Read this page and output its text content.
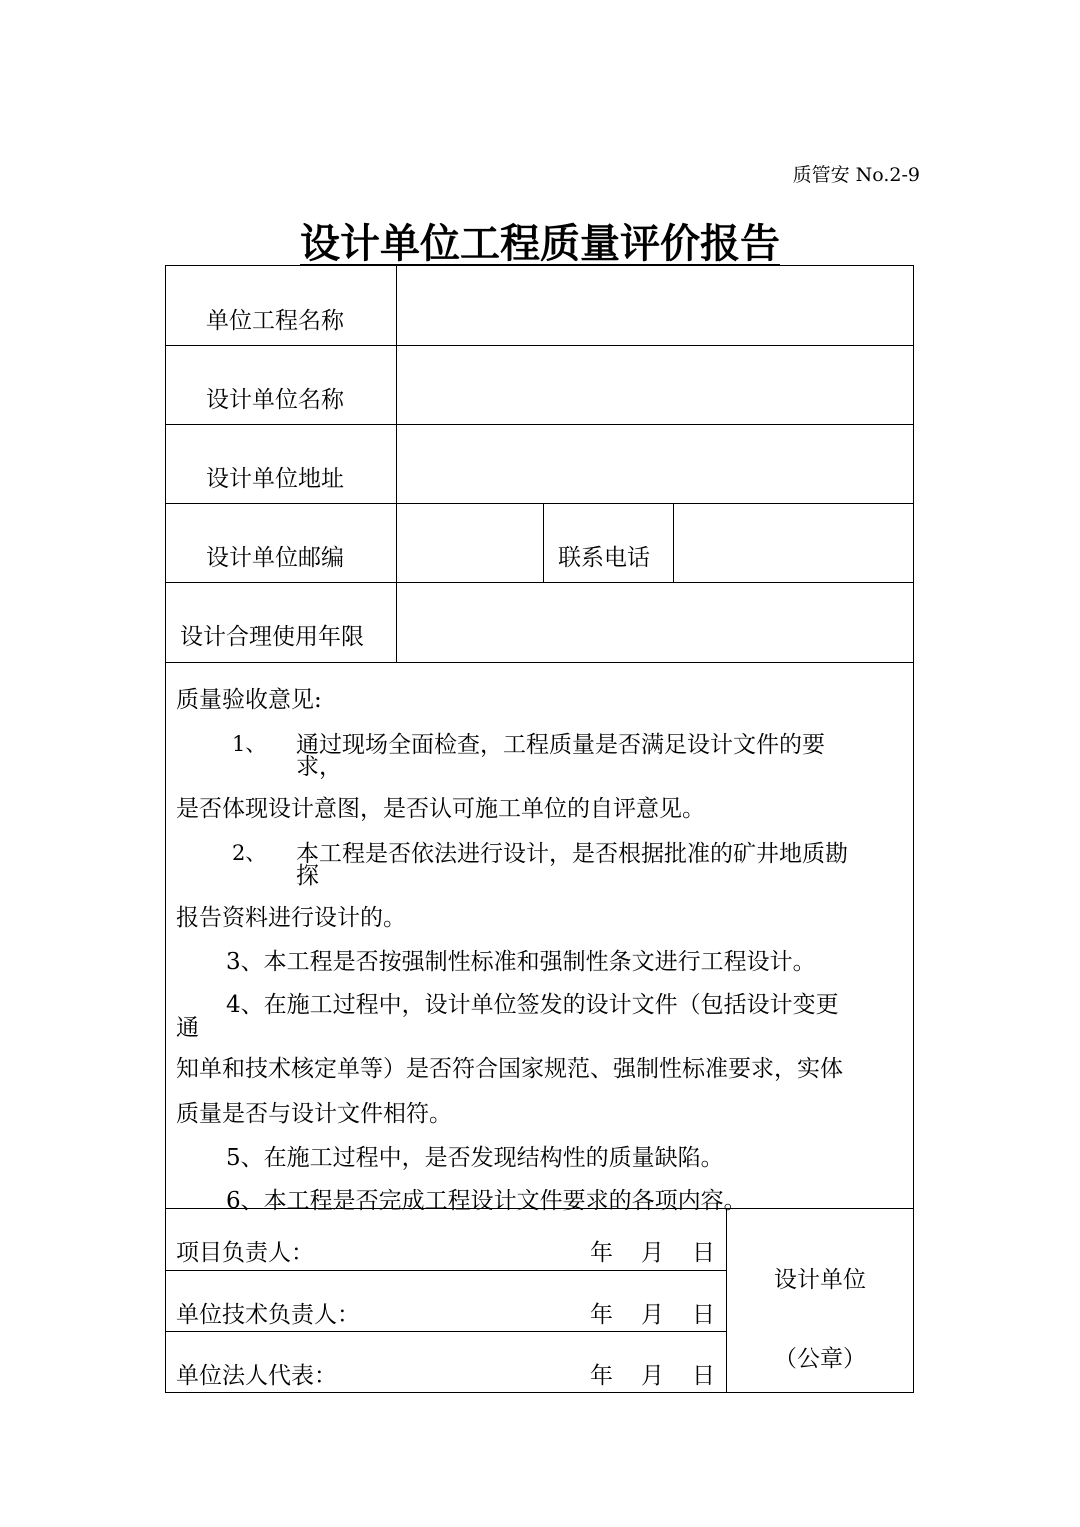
质管安 No.2-9
设计单位工程质量评价报告
单位工程名称
设计单位名称
设计单位地址
设计单位邮编	联系电话
设计合理使用年限
质量验收意见:
1、 通过现场全面检查，工程质量是否满足设计文件的要
求，
是否体现设计意图，是否认可施工单位的自评意见。
2、 本工程是否依法进行设计，是否根据批准的矿井地质勘
探
报告资料进行设计的。
3、本工程是否按强制性标准和强制性条文进行工程设计。
4、在施工过程中，设计单位签发的设计文件（包括设计变更
通
知单和技术核定单等）是否符合国家规范、强制性标准要求，实体
质量是否与设计文件相符。
5、在施工过程中，是否发现结构性的质量缺陷。
6、本工程是否完成工程设计文件要求的各项内容。
项目负责人：	年 月 日
单位技术负责人：	年 月 日
单位法人代表：	年 月 日
设计单位
（公章）
